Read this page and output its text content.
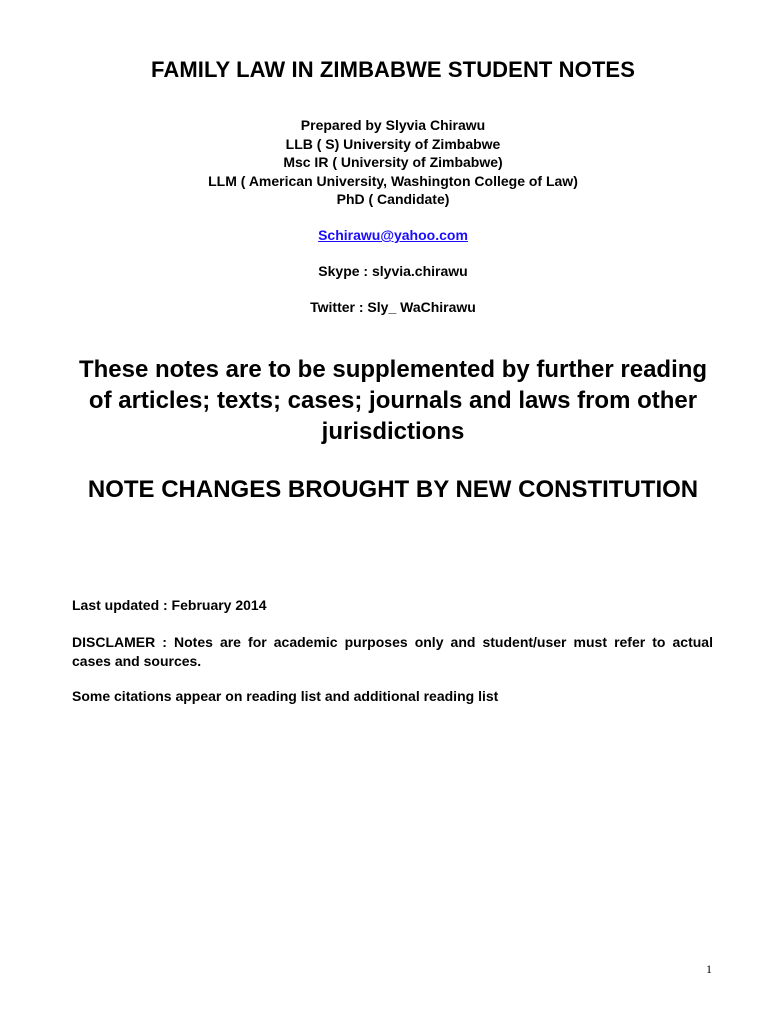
FAMILY LAW IN ZIMBABWE STUDENT NOTES
Prepared by Slyvia Chirawu
LLB ( S) University of Zimbabwe
Msc IR ( University of Zimbabwe)
LLM ( American University, Washington College of Law)
PhD ( Candidate)
Schirawu@yahoo.com
Skype : slyvia.chirawu
Twitter : Sly_ WaChirawu
These notes are to be supplemented by further reading of articles; texts; cases; journals and laws from other jurisdictions
NOTE CHANGES BROUGHT BY NEW CONSTITUTION
Last updated : February 2014
DISCLAMER : Notes are for academic purposes only and student/user must refer to actual cases and sources.
Some citations appear on reading list and additional reading list
1
